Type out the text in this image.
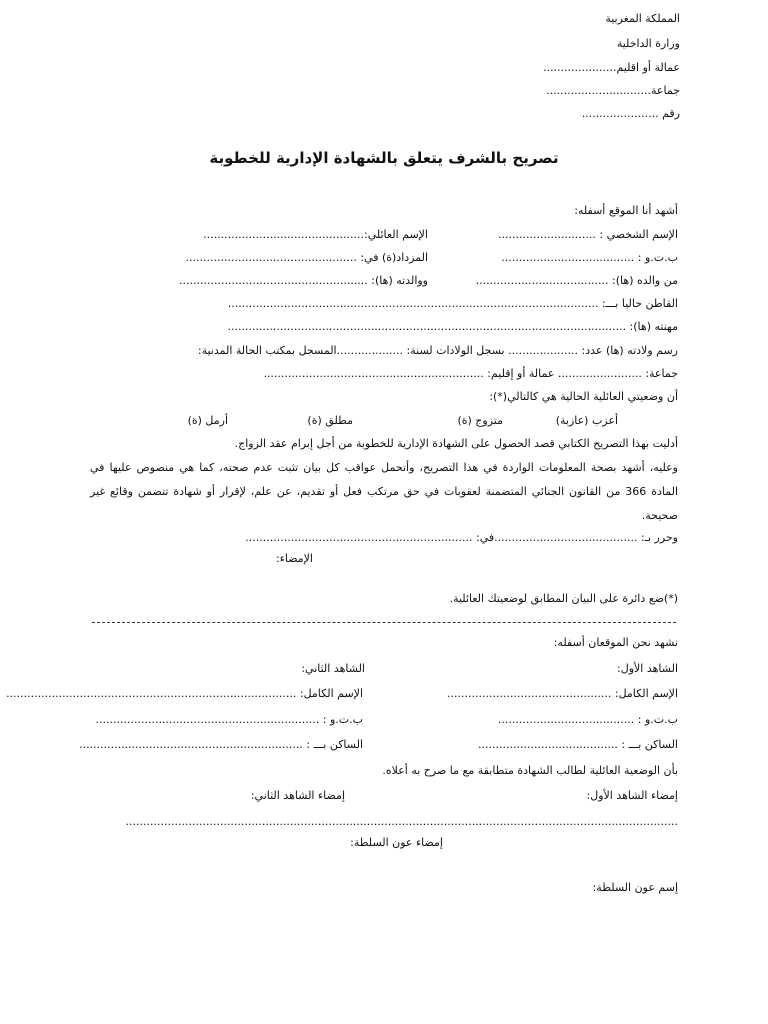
المملكة المغربية
وزارة الداخلية
عمالة أو اقليم.....................
جماعة..............................
رقم ......................
تصريح بالشرف يتعلق بالشهادة الإدارية للخطوبة
أشهد أنا الموقع أسفله:
الإسم الشخصي : ............................
الإسم العائلي:..............................................
ب.ت.و : ......................................
المزداد(ة) في: .................................................
من والده (ها): ......................................
ووالدته (ها): ......................................................
القاطن حاليا بـــ: ..........................................................................................................
مهنته (ها): ..................................................................................................................
رسم ولادته (ها) عدد: .................... بسجل الولادات لسنة: ...................المسجل بمكتب الحالة المدنية:
جماعة: ........................ عمالة أو إقليم: ...............................................................
أن وضعيتي العائلية الحالية هي كالتالي(*):
أعزب (عازبة)
متزوج (ة)
مطلق (ة)
أرمل (ة)
أدليت بهذا التصريح الكتابي قصد الحصول على الشهادة الإدارية للخطوبة من أجل إبرام عقد الزواج.
وعليه، أشهد بصحة المعلومات الواردة في هذا التصريح، وأتحمل عواقب كل بيان تثبت عدم صحته، كما هي منصوص عليها في المادة 366 من القانون الجنائي المتضمنة لعقوبات في حق مرتكب فعل أو تقديم، عن علم، لإقرار أو شهادة تتضمن وقائع غير صحيحة.
وحرر بـ: .........................................في: .................................................................
الإمضاء:
(*)ضع دائرة على البيان المطابق لوضعيتك العائلية.
نشهد نحن الموقعان أسفله:
الشاهد الأول:
الشاهد الثاني:
الإسم الكامل: ...............................................
الإسم الكامل: ...................................................................................
ب.ت.و : .......................................
ب.ت.و : ................................................................
الساكن بـــ : ........................................
الساكن بـــ : ................................................................
بأن الوضعية العائلية لطالب الشهادة متطابقة مع ما صرح به أعلاه.
إمضاء الشاهد الأول:
إمضاء الشاهد الثاني:
..............................................................................................................................................................
إمضاء عون السلطة:
إسم عون السلطة:
